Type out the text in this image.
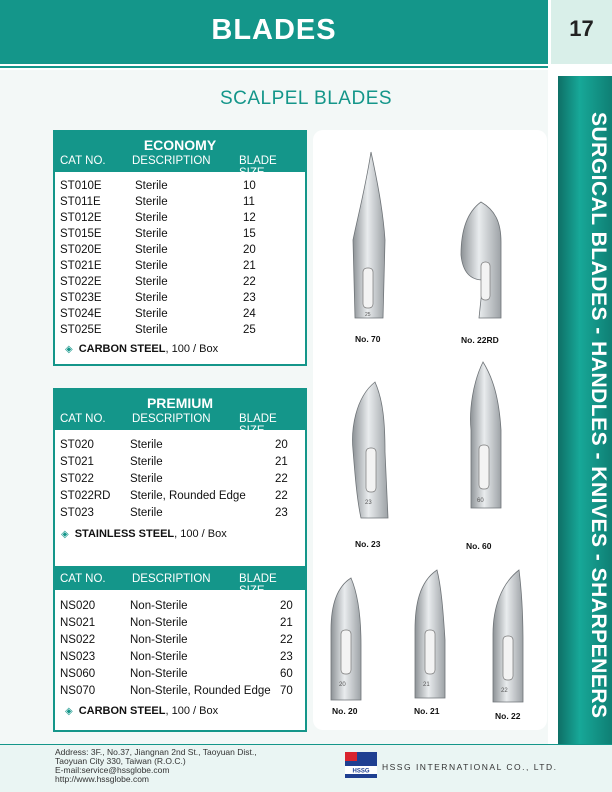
BLADES	17
SURGICAL BLADES - HANDLES - KNIVES - SHARPENERS
SCALPEL BLADES
ECONOMY
CAT NO. DESCRIPTION BLADE SIZE
ST010E	Sterile	10
ST011E	Sterile	11
ST012E	Sterile	12
ST015E	Sterile	15
ST020E	Sterile	20
ST021E	Sterile	21
ST022E	Sterile	22
ST023E	Sterile	23
ST024E	Sterile	24
ST025E	Sterile	25
◈ CARBON STEEL, 100 / Box
PREMIUM
CAT NO. DESCRIPTION BLADE SIZE
ST020	Sterile	20
ST021	Sterile	21
ST022	Sterile	22
ST022RD Sterile, Rounded Edge	22
ST023	Sterile	23
◈ STAINLESS STEEL, 100 / Box
CAT NO. DESCRIPTION BLADE SIZE
NS020	Non-Sterile	20
NS021	Non-Sterile	21
NS022	Non-Sterile	22
NS023	Non-Sterile	23
NS060	Non-Sterile	60
NS070	Non-Sterile, Rounded Edge 70
◈ CARBON STEEL, 100 / Box
25
23	60
20	21
22
No. 70	No. 22RD
No. 23	No. 60
No. 20	No. 21	No. 22
Address: 3F., No.37, Jiangnan 2nd St., Taoyuan Dist.,
Taoyuan City 330, Taiwan (R.O.C.)
E-mail:service@hssglobe.com
http://www.hssglobe.com
HSSG HSSG INTERNATIONAL CO., LTD.
